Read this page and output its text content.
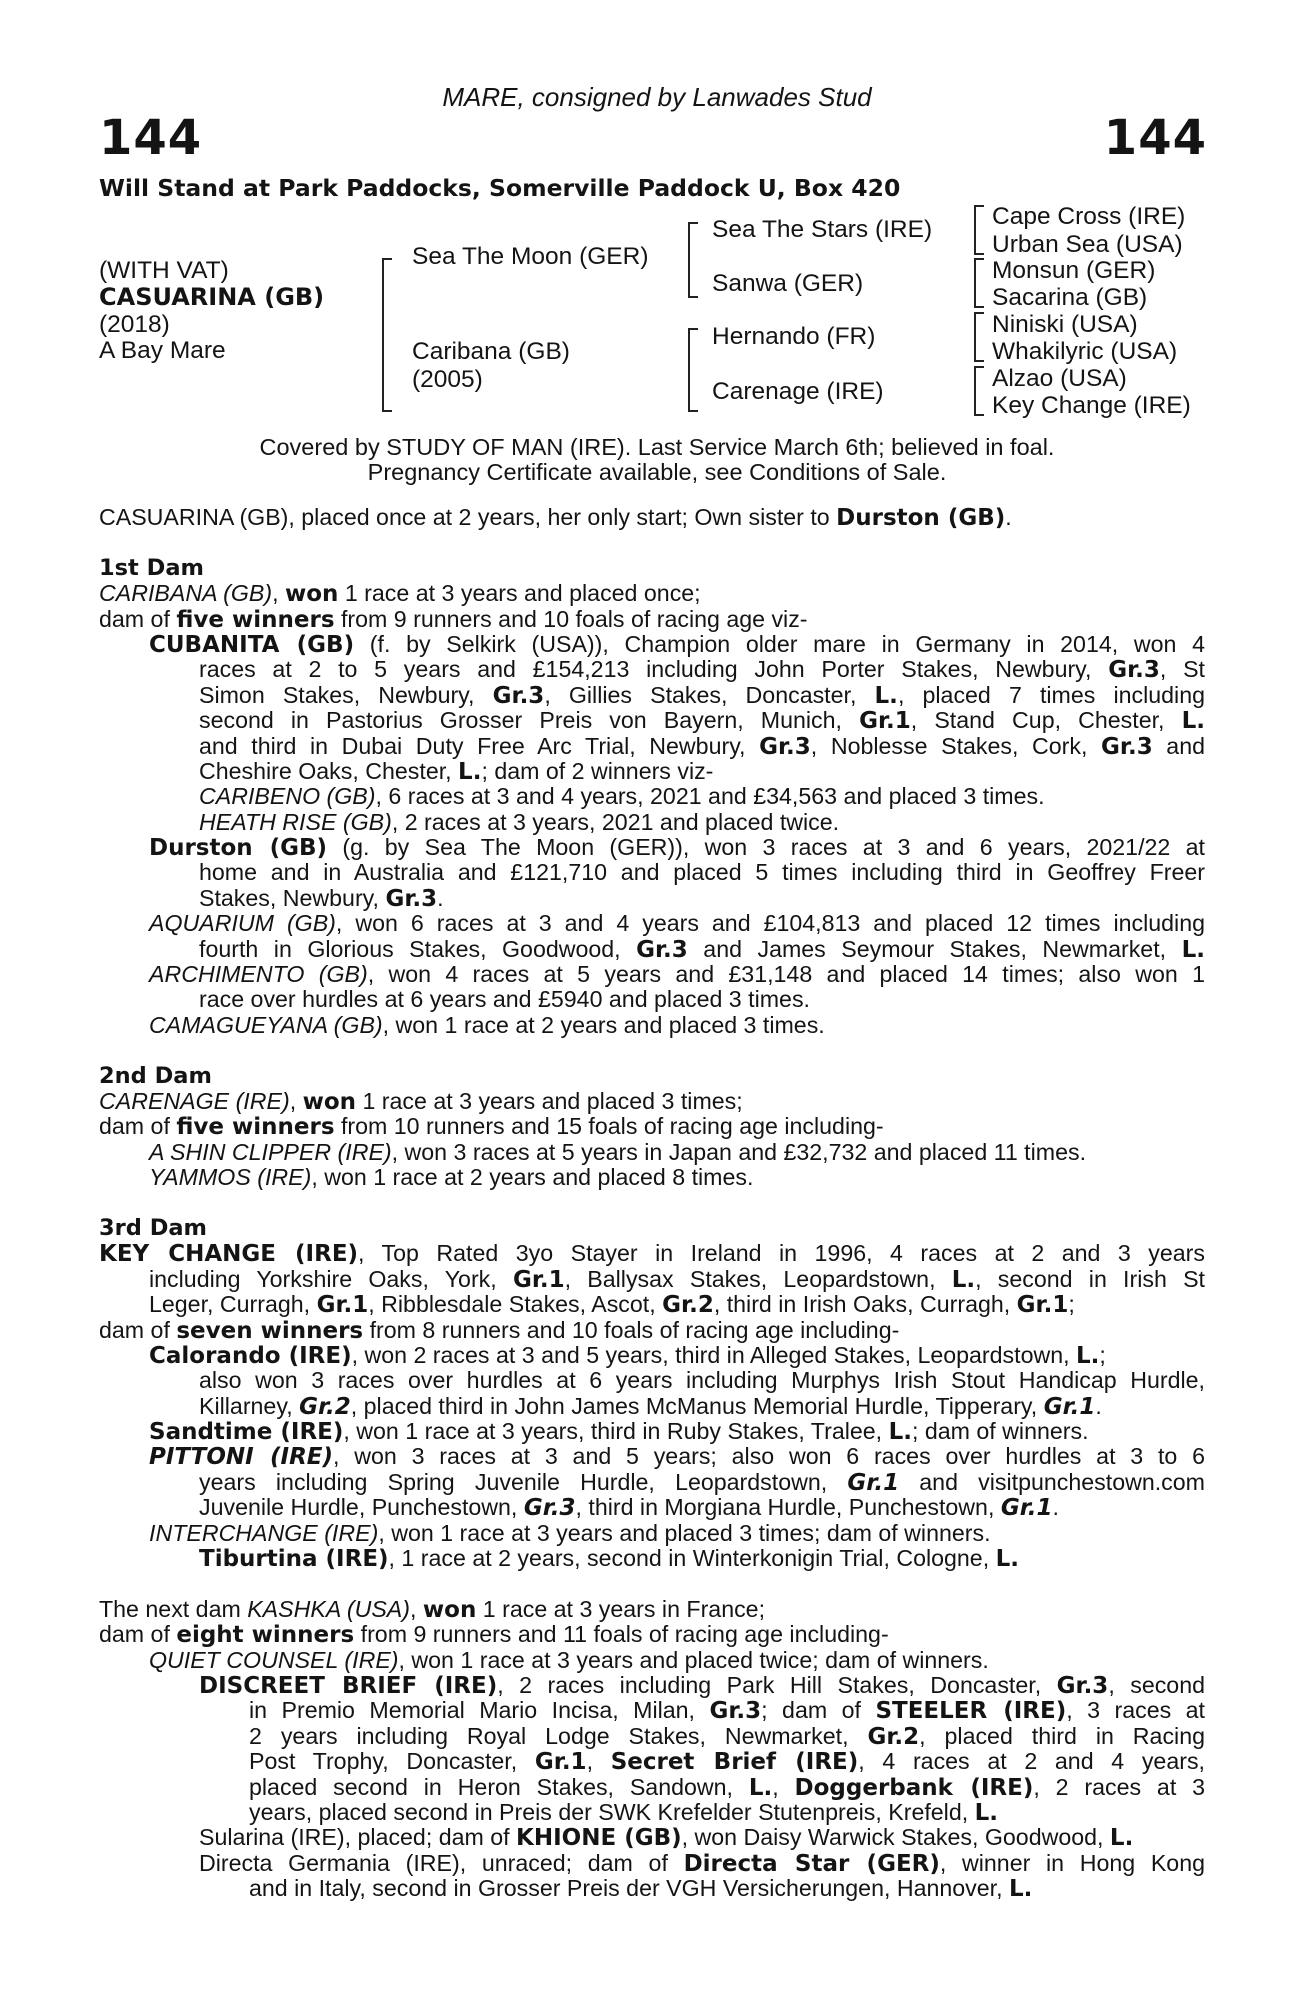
MARE, consigned by Lanwades Stud
144	144
Will Stand at Park Paddocks, Somerville Paddock U, Box 420
(WITH VAT)
CASUARINA (GB)
(2018)
A Bay Mare
Sea The Moon (GER)
Caribana (GB)
(2005)
Sea The Stars (IRE)
Sanwa (GER)
Hernando (FR)
Carenage (IRE)
Cape Cross (IRE)
Urban Sea (USA)
Monsun (GER)
Sacarina (GB)
Niniski (USA)
Whakilyric (USA)
Alzao (USA)
Key Change (IRE)
Covered by STUDY OF MAN (IRE). Last Service March 6th; believed in foal.
Pregnancy Certificate available, see Conditions of Sale.
CASUARINA (GB), placed once at 2 years, her only start; Own sister to Durston (GB).
1st Dam
CARIBANA (GB), won 1 race at 3 years and placed once;
dam of five winners from 9 runners and 10 foals of racing age viz-
CUBANITA (GB) (f. by Selkirk (USA)), Champion older mare in Germany in 2014, won 4
races at 2 to 5 years and £154,213 including John Porter Stakes, Newbury, Gr.3, St
Simon Stakes, Newbury, Gr.3, Gillies Stakes, Doncaster, L., placed 7 times including
second in Pastorius Grosser Preis von Bayern, Munich, Gr.1, Stand Cup, Chester, L.
and third in Dubai Duty Free Arc Trial, Newbury, Gr.3, Noblesse Stakes, Cork, Gr.3 and
Cheshire Oaks, Chester, L.; dam of 2 winners viz-
CARIBENO (GB), 6 races at 3 and 4 years, 2021 and £34,563 and placed 3 times.
HEATH RISE (GB), 2 races at 3 years, 2021 and placed twice.
Durston (GB) (g. by Sea The Moon (GER)), won 3 races at 3 and 6 years, 2021/22 at
home and in Australia and £121,710 and placed 5 times including third in Geoffrey Freer
Stakes, Newbury, Gr.3.
AQUARIUM (GB), won 6 races at 3 and 4 years and £104,813 and placed 12 times including
fourth in Glorious Stakes, Goodwood, Gr.3 and James Seymour Stakes, Newmarket, L.
ARCHIMENTO (GB), won 4 races at 5 years and £31,148 and placed 14 times; also won 1
race over hurdles at 6 years and £5940 and placed 3 times.
CAMAGUEYANA (GB), won 1 race at 2 years and placed 3 times.
2nd Dam
CARENAGE (IRE), won 1 race at 3 years and placed 3 times;
dam of five winners from 10 runners and 15 foals of racing age including-
A SHIN CLIPPER (IRE), won 3 races at 5 years in Japan and £32,732 and placed 11 times.
YAMMOS (IRE), won 1 race at 2 years and placed 8 times.
3rd Dam
KEY CHANGE (IRE), Top Rated 3yo Stayer in Ireland in 1996, 4 races at 2 and 3 years
including Yorkshire Oaks, York, Gr.1, Ballysax Stakes, Leopardstown, L., second in Irish St
Leger, Curragh, Gr.1, Ribblesdale Stakes, Ascot, Gr.2, third in Irish Oaks, Curragh, Gr.1;
dam of seven winners from 8 runners and 10 foals of racing age including-
Calorando (IRE), won 2 races at 3 and 5 years, third in Alleged Stakes, Leopardstown, L.;
also won 3 races over hurdles at 6 years including Murphys Irish Stout Handicap Hurdle,
Killarney, Gr.2, placed third in John James McManus Memorial Hurdle, Tipperary, Gr.1.
Sandtime (IRE), won 1 race at 3 years, third in Ruby Stakes, Tralee, L.; dam of winners.
PITTONI (IRE), won 3 races at 3 and 5 years; also won 6 races over hurdles at 3 to 6
years including Spring Juvenile Hurdle, Leopardstown, Gr.1 and visitpunchestown.com
Juvenile Hurdle, Punchestown, Gr.3, third in Morgiana Hurdle, Punchestown, Gr.1.
INTERCHANGE (IRE), won 1 race at 3 years and placed 3 times; dam of winners.
Tiburtina (IRE), 1 race at 2 years, second in Winterkonigin Trial, Cologne, L.
The next dam KASHKA (USA), won 1 race at 3 years in France;
dam of eight winners from 9 runners and 11 foals of racing age including-
QUIET COUNSEL (IRE), won 1 race at 3 years and placed twice; dam of winners.
DISCREET BRIEF (IRE), 2 races including Park Hill Stakes, Doncaster, Gr.3, second
in Premio Memorial Mario Incisa, Milan, Gr.3; dam of STEELER (IRE), 3 races at
2 years including Royal Lodge Stakes, Newmarket, Gr.2, placed third in Racing
Post Trophy, Doncaster, Gr.1, Secret Brief (IRE), 4 races at 2 and 4 years,
placed second in Heron Stakes, Sandown, L., Doggerbank (IRE), 2 races at 3
years, placed second in Preis der SWK Krefelder Stutenpreis, Krefeld, L.
Sularina (IRE), placed; dam of KHIONE (GB), won Daisy Warwick Stakes, Goodwood, L.
Directa Germania (IRE), unraced; dam of Directa Star (GER), winner in Hong Kong
and in Italy, second in Grosser Preis der VGH Versicherungen, Hannover, L.
